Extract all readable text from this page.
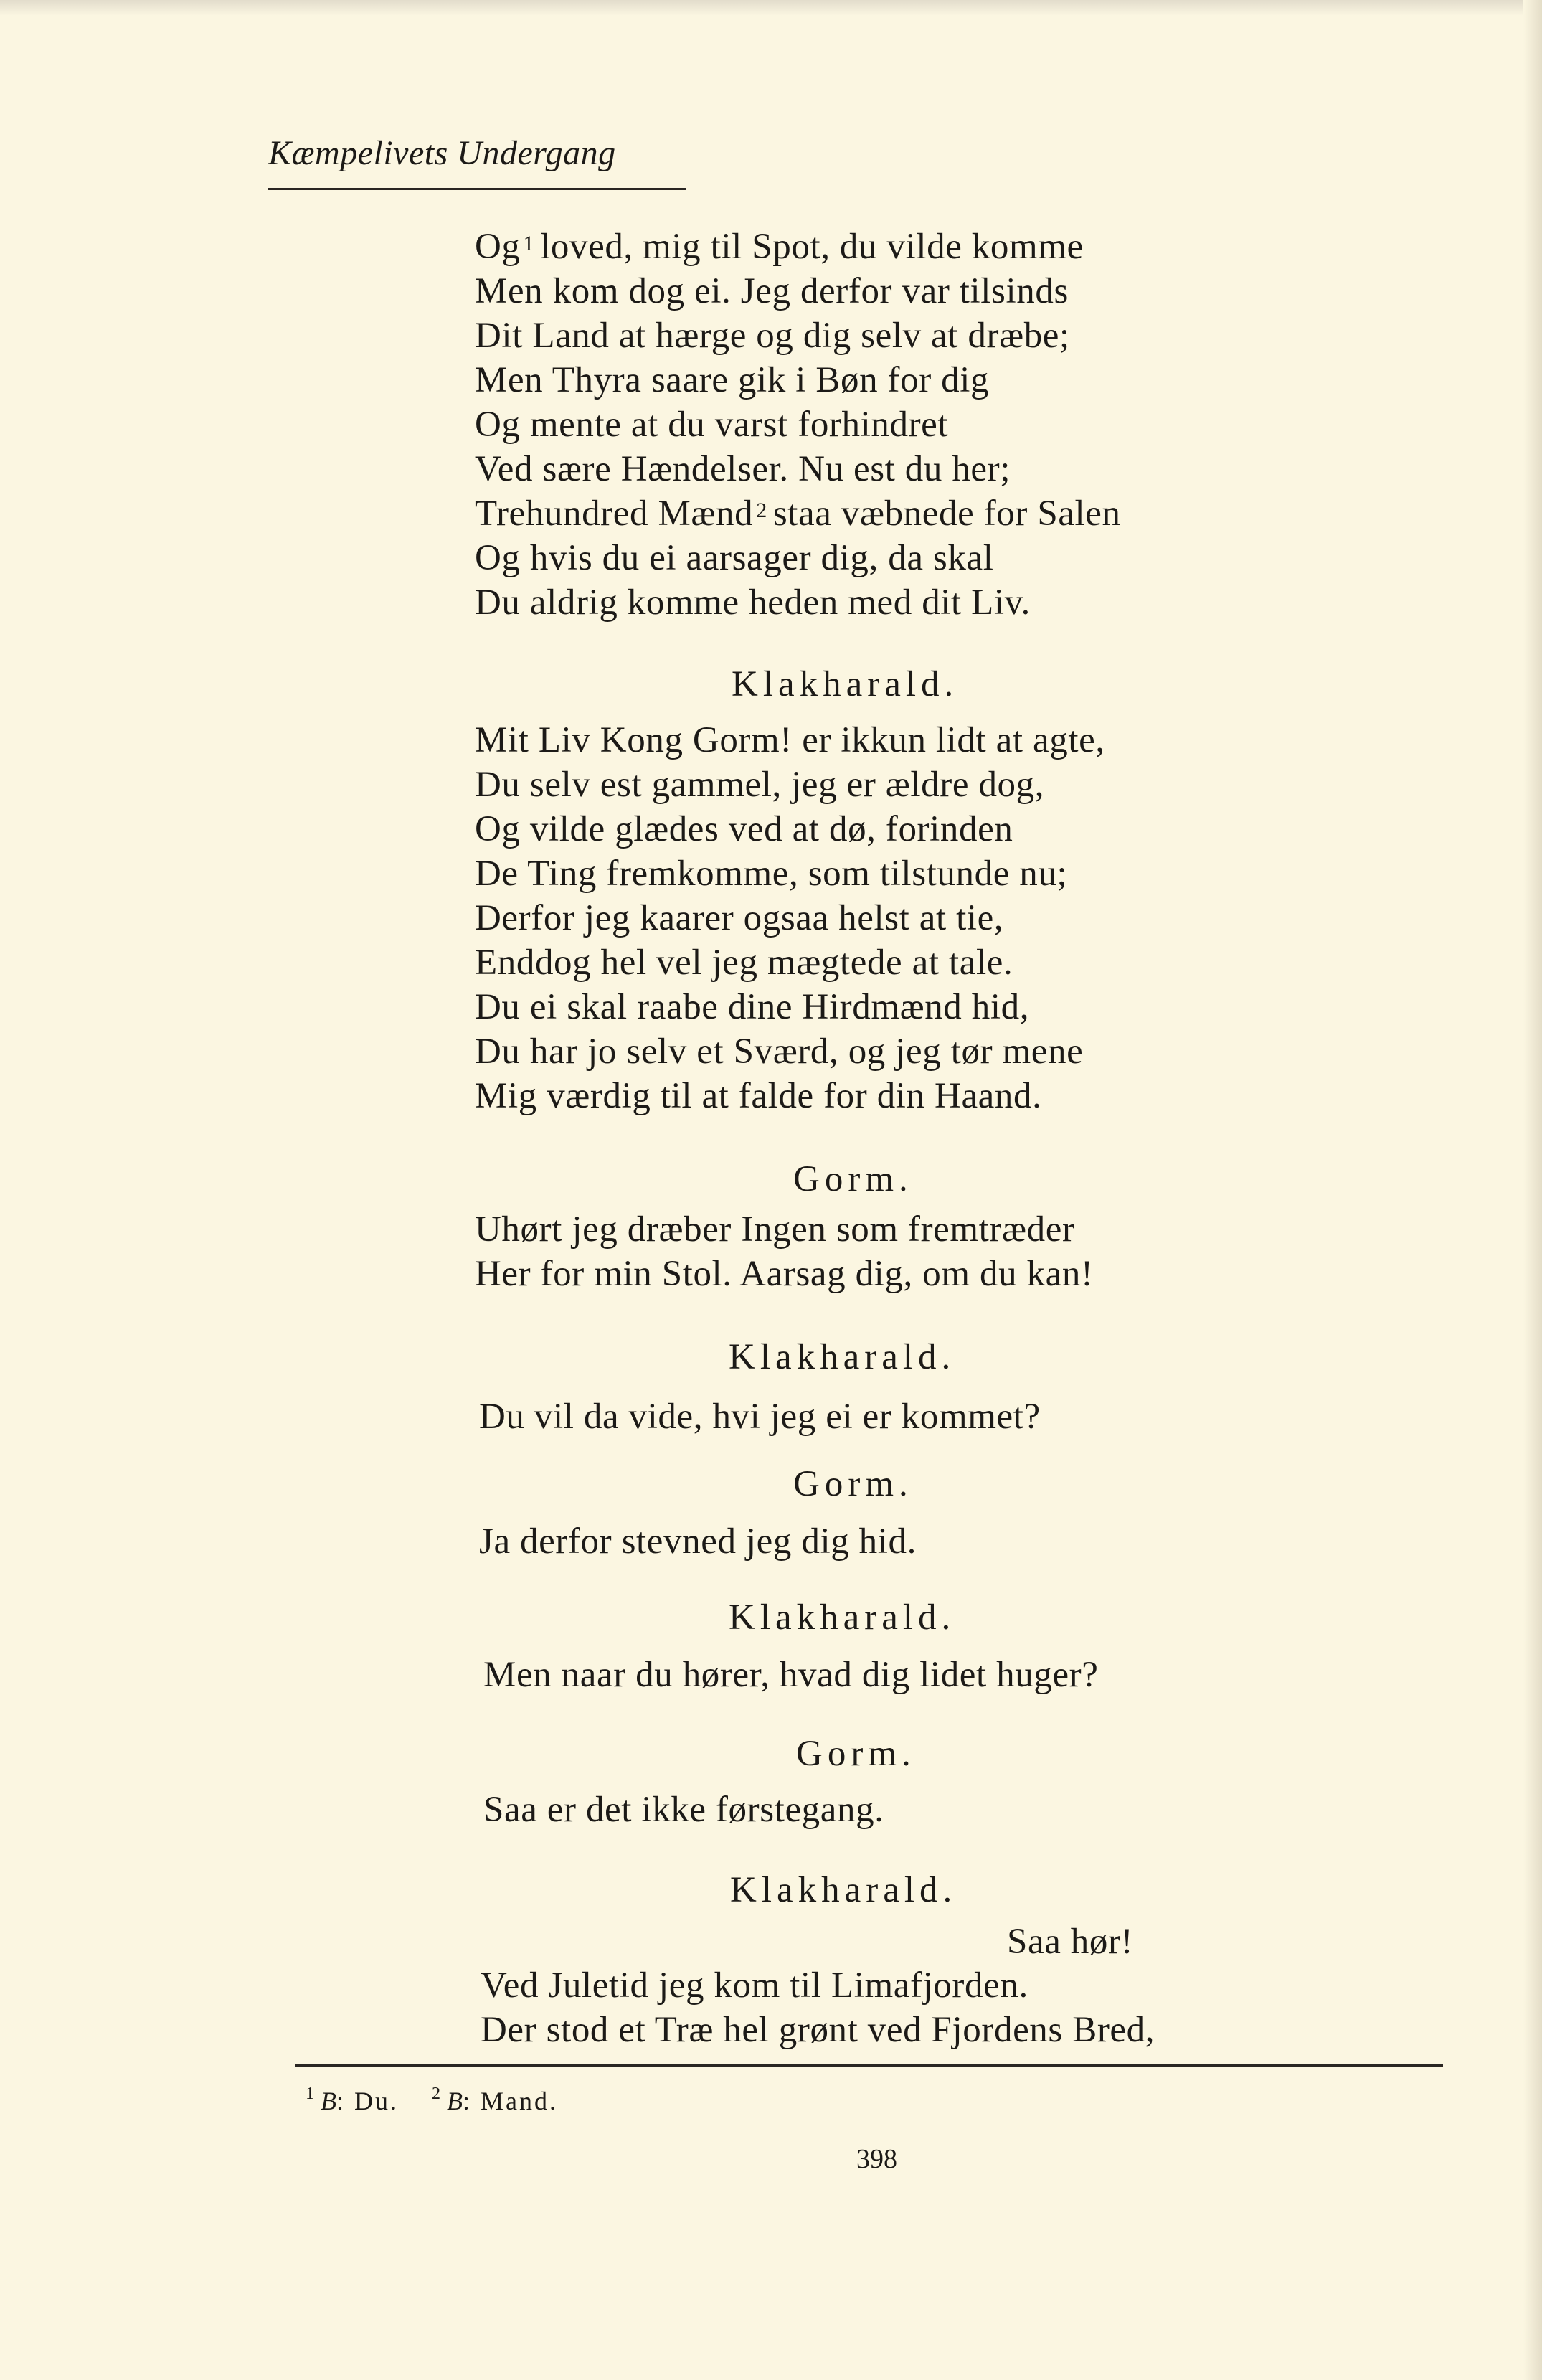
Kæmpelivets Undergang
Og $^1$ loved, mig til Spot, du vilde komme
Men kom dog ei. Jeg derfor var tilsinds
Dit Land at hærge og dig selv at dræbe;
Men Thyra saare gik i Bøn for dig
Og mente at du varst forhindret
Ved sære Hændelser. Nu est du her;
Trehundred Mænd $^2$ staa væbnede for Salen
Og hvis du ei aarsager dig, da skal
Du aldrig komme heden med dit Liv.
Klakharald.
Mit Liv Kong Gorm! er ikkun lidt at agte,
Du selv est gammel, jeg er ældre dog,
Og vilde glædes ved at dø, forinden
De Ting fremkomme, som tilstunde nu;
Derfor jeg kaarer ogsaa helst at tie,
Enddog hel vel jeg mægtede at tale.
Du ei skal raabe dine Hirdmænd hid,
Du har jo selv et Sværd, og jeg tør mene
Mig værdig til at falde for din Haand.
Gorm.
Uhørt jeg dræber Ingen som fremtræder
Her for min Stol. Aarsag dig, om du kan!
Klakharald.
Du vil da vide, hvi jeg ei er kommet?
Gorm.
Ja derfor stevned jeg dig hid.
Klakharald.
Men naar du hører, hvad dig lidet huger?
Gorm.
Saa er det ikke førstegang.
Klakharald.
Saa hør!
Ved Juletid jeg kom til Limafjorden.
Der stod et Træ hel grønt ved Fjordens Bred,
$^1$ B: Du. $^2$ B: Mand.
398
